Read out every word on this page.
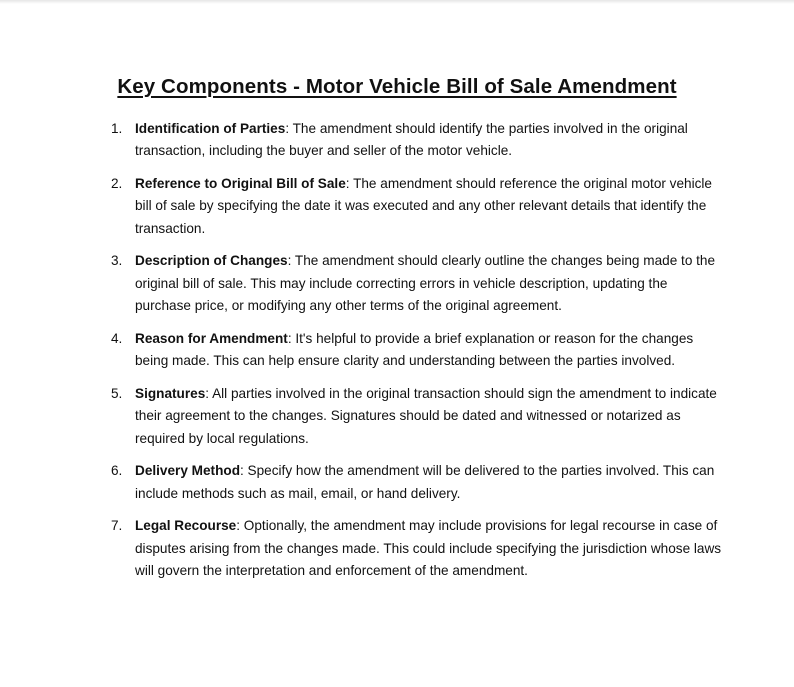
Key Components - Motor Vehicle Bill of Sale Amendment
1. Identification of Parties: The amendment should identify the parties involved in the original transaction, including the buyer and seller of the motor vehicle.
2. Reference to Original Bill of Sale: The amendment should reference the original motor vehicle bill of sale by specifying the date it was executed and any other relevant details that identify the transaction.
3. Description of Changes: The amendment should clearly outline the changes being made to the original bill of sale. This may include correcting errors in vehicle description, updating the purchase price, or modifying any other terms of the original agreement.
4. Reason for Amendment: It's helpful to provide a brief explanation or reason for the changes being made. This can help ensure clarity and understanding between the parties involved.
5. Signatures: All parties involved in the original transaction should sign the amendment to indicate their agreement to the changes. Signatures should be dated and witnessed or notarized as required by local regulations.
6. Delivery Method: Specify how the amendment will be delivered to the parties involved. This can include methods such as mail, email, or hand delivery.
7. Legal Recourse: Optionally, the amendment may include provisions for legal recourse in case of disputes arising from the changes made. This could include specifying the jurisdiction whose laws will govern the interpretation and enforcement of the amendment.
